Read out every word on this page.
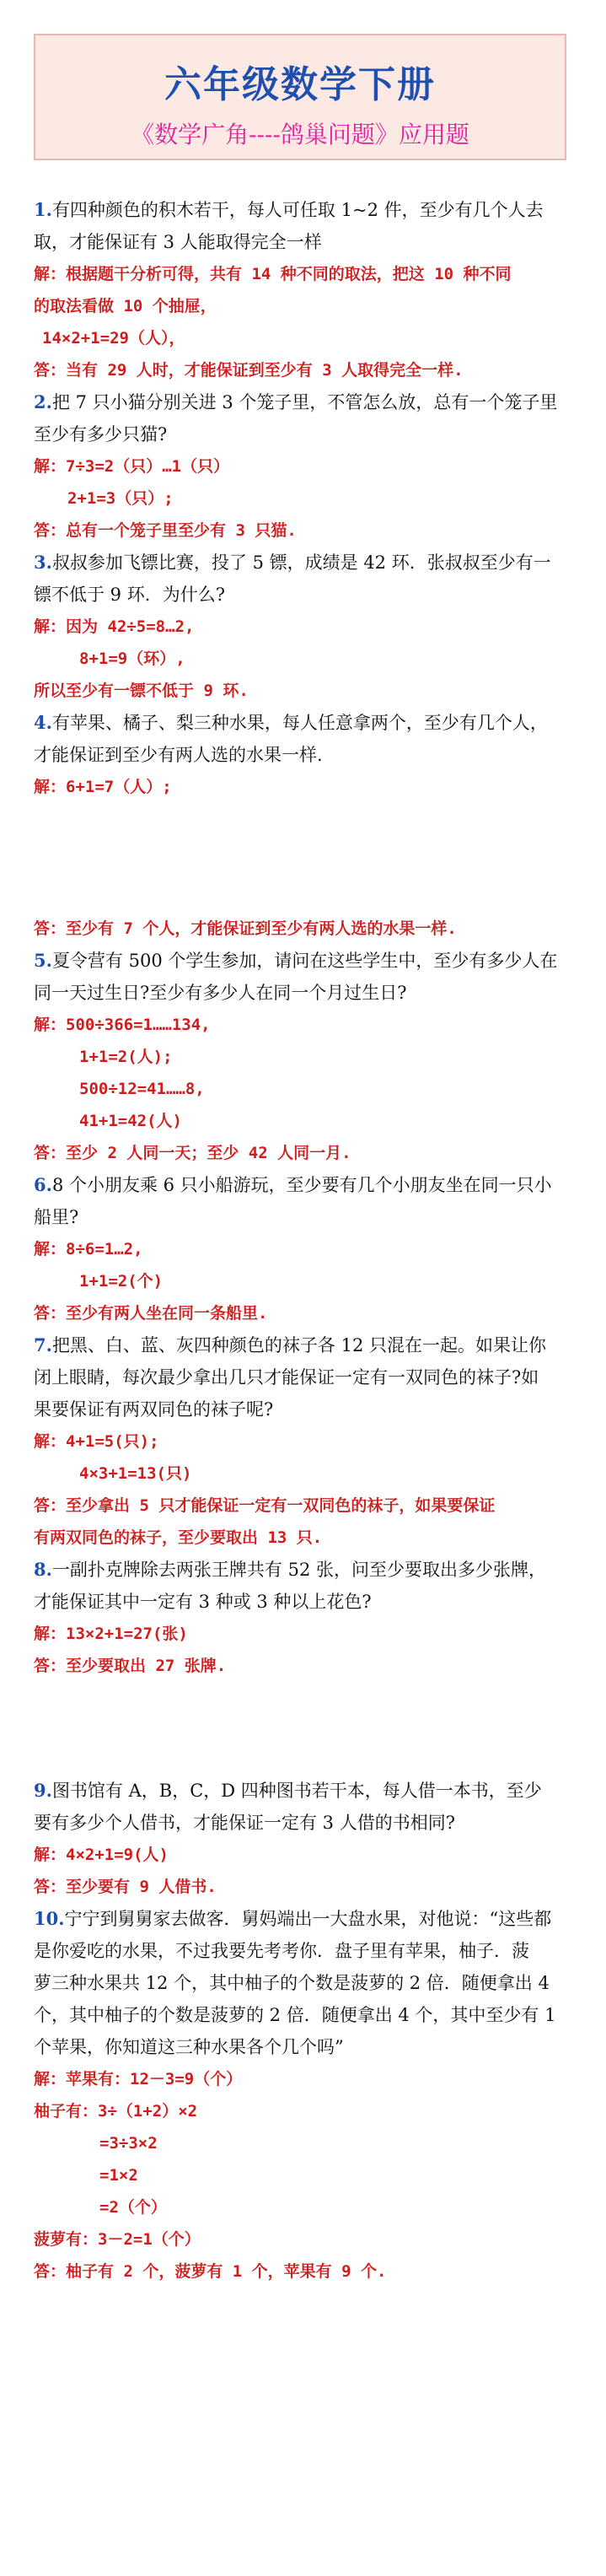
六年级数学下册
《数学广角----鸽巢问题》应用题
1.有四种颜色的积木若干，每人可任取 1~2 件，至少有几个人去
取，才能保证有 3 人能取得完全一样
解：根据题干分析可得，共有 14 种不同的取法，把这 10 种不同
的取法看做 10 个抽屉，
14×2+1=29（人），
答：当有 29 人时，才能保证到至少有 3 人取得完全一样.
2.把 7 只小猫分别关进 3 个笼子里，不管怎么放，总有一个笼子里
至少有多少只猫?
解：7÷3=2（只）…1（只）
2+1=3（只）;
答：总有一个笼子里至少有 3 只猫.
3.叔叔参加飞镖比赛，投了 5 镖，成绩是 42 环．张叔叔至少有一
镖不低于 9 环．为什么?
解：因为 42÷5=8…2,
8+1=9（环）,
所以至少有一镖不低于 9 环.
4.有苹果、橘子、梨三种水果，每人任意拿两个，至少有几个人，
才能保证到至少有两人选的水果一样.
解：6+1=7（人）;
答：至少有 7 个人，才能保证到至少有两人选的水果一样.
5.夏令营有 500 个学生参加，请问在这些学生中，至少有多少人在
同一天过生日?至少有多少人在同一个月过生日?
解：500÷366=1……134,
1+1=2(人);
500÷12=41……8,
41+1=42(人)
答：至少 2 人同一天；至少 42 人同一月.
6.8 个小朋友乘 6 只小船游玩，至少要有几个小朋友坐在同一只小
船里?
解：8÷6=1…2,
1+1=2(个)
答：至少有两人坐在同一条船里.
7.把黑、白、蓝、灰四种颜色的袜子各 12 只混在一起。如果让你
闭上眼睛，每次最少拿出几只才能保证一定有一双同色的袜子?如
果要保证有两双同色的袜子呢?
解：4+1=5(只);
4×3+1=13(只)
答：至少拿出 5 只才能保证一定有一双同色的袜子，如果要保证
有两双同色的袜子，至少要取出 13 只.
8.一副扑克牌除去两张王牌共有 52 张，问至少要取出多少张牌，
才能保证其中一定有 3 种或 3 种以上花色?
解：13×2+1=27(张)
答：至少要取出 27 张牌.
9.图书馆有 A，B，C，D 四种图书若干本，每人借一本书，至少
要有多少个人借书，才能保证一定有 3 人借的书相同?
解：4×2+1=9(人)
答：至少要有 9 人借书.
10.宁宁到舅舅家去做客．舅妈端出一大盘水果，对他说：“这些都
是你爱吃的水果，不过我要先考考你．盘子里有苹果，柚子．菠
萝三种水果共 12 个，其中柚子的个数是菠萝的 2 倍．随便拿出 4
个，其中柚子的个数是菠萝的 2 倍．随便拿出 4 个，其中至少有 1
个苹果，你知道这三种水果各个几个吗”
解：苹果有：12－3=9（个）
柚子有：3÷（1+2）×2
=3÷3×2
=1×2
=2（个）
菠萝有：3－2=1（个）
答：柚子有 2 个，菠萝有 1 个，苹果有 9 个.
